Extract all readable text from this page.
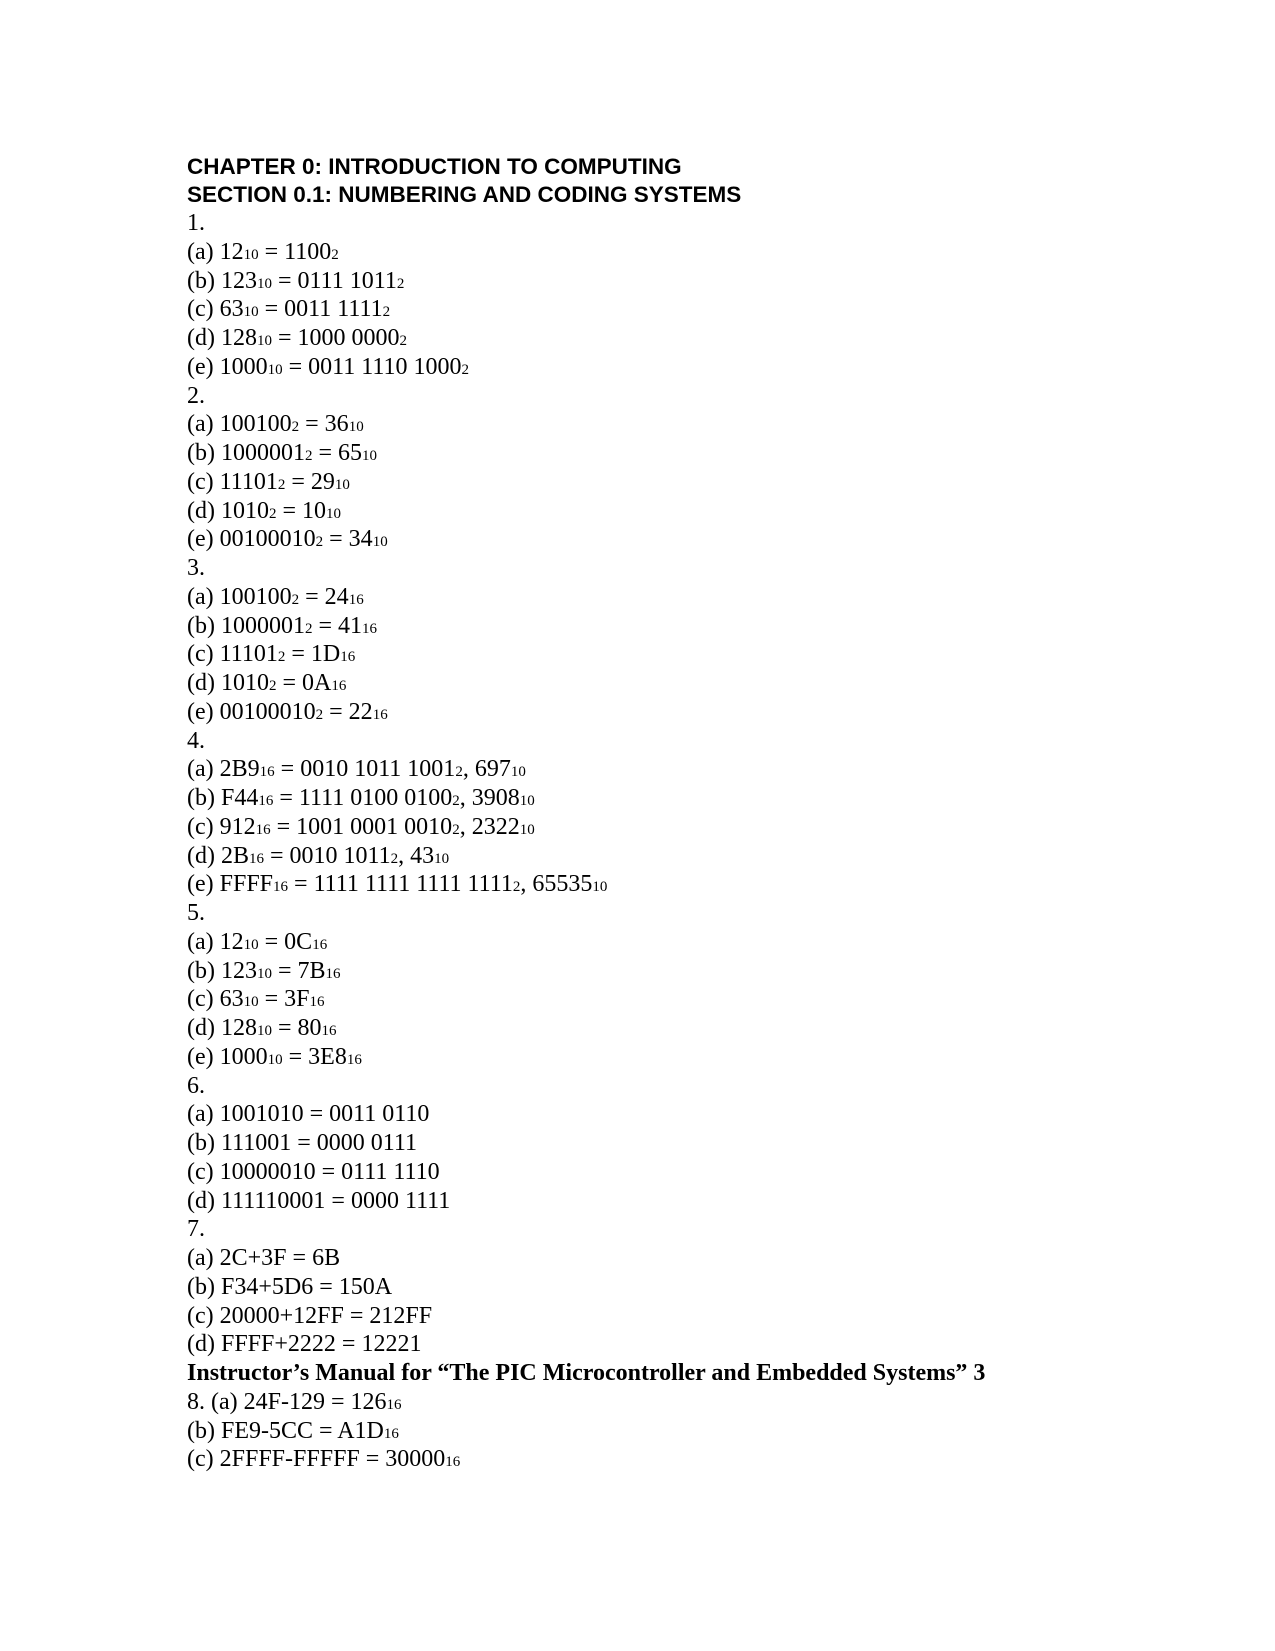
CHAPTER 0: INTRODUCTION TO COMPUTING
SECTION 0.1: NUMBERING AND CODING SYSTEMS
1.
(a) 1210 = 11002
(b) 12310 = 0111 10112
(c) 6310 = 0011 11112
(d) 12810 = 1000 00002
(e) 100010 = 0011 1110 10002
2.
(a) 1001002 = 3610
(b) 10000012 = 6510
(c) 111012 = 2910
(d) 10102 = 1010
(e) 001000102 = 3410
3.
(a) 1001002 = 2416
(b) 10000012 = 4116
(c) 111012 = 1D16
(d) 10102 = 0A16
(e) 001000102 = 2216
4.
(a) 2B916 = 0010 1011 10012, 69710
(b) F4416 = 1111 0100 01002, 390810
(c) 91216 = 1001 0001 00102, 232210
(d) 2B16 = 0010 10112, 4310
(e) FFFF16 = 1111 1111 1111 11112, 6553510
5.
(a) 1210 = 0C16
(b) 12310 = 7B16
(c) 6310 = 3F16
(d) 12810 = 8016
(e) 100010 = 3E816
6.
(a) 1001010 = 0011 0110
(b) 111001 = 0000 0111
(c) 10000010 = 0111 1110
(d) 111110001 = 0000 1111
7.
(a) 2C+3F = 6B
(b) F34+5D6 = 150A
(c) 20000+12FF = 212FF
(d) FFFF+2222 = 12221
Instructor’s Manual for “The PIC Microcontroller and Embedded Systems” 3
8. (a) 24F-129 = 12616
(b) FE9-5CC = A1D16
(c) 2FFFF-FFFFF = 3000016
